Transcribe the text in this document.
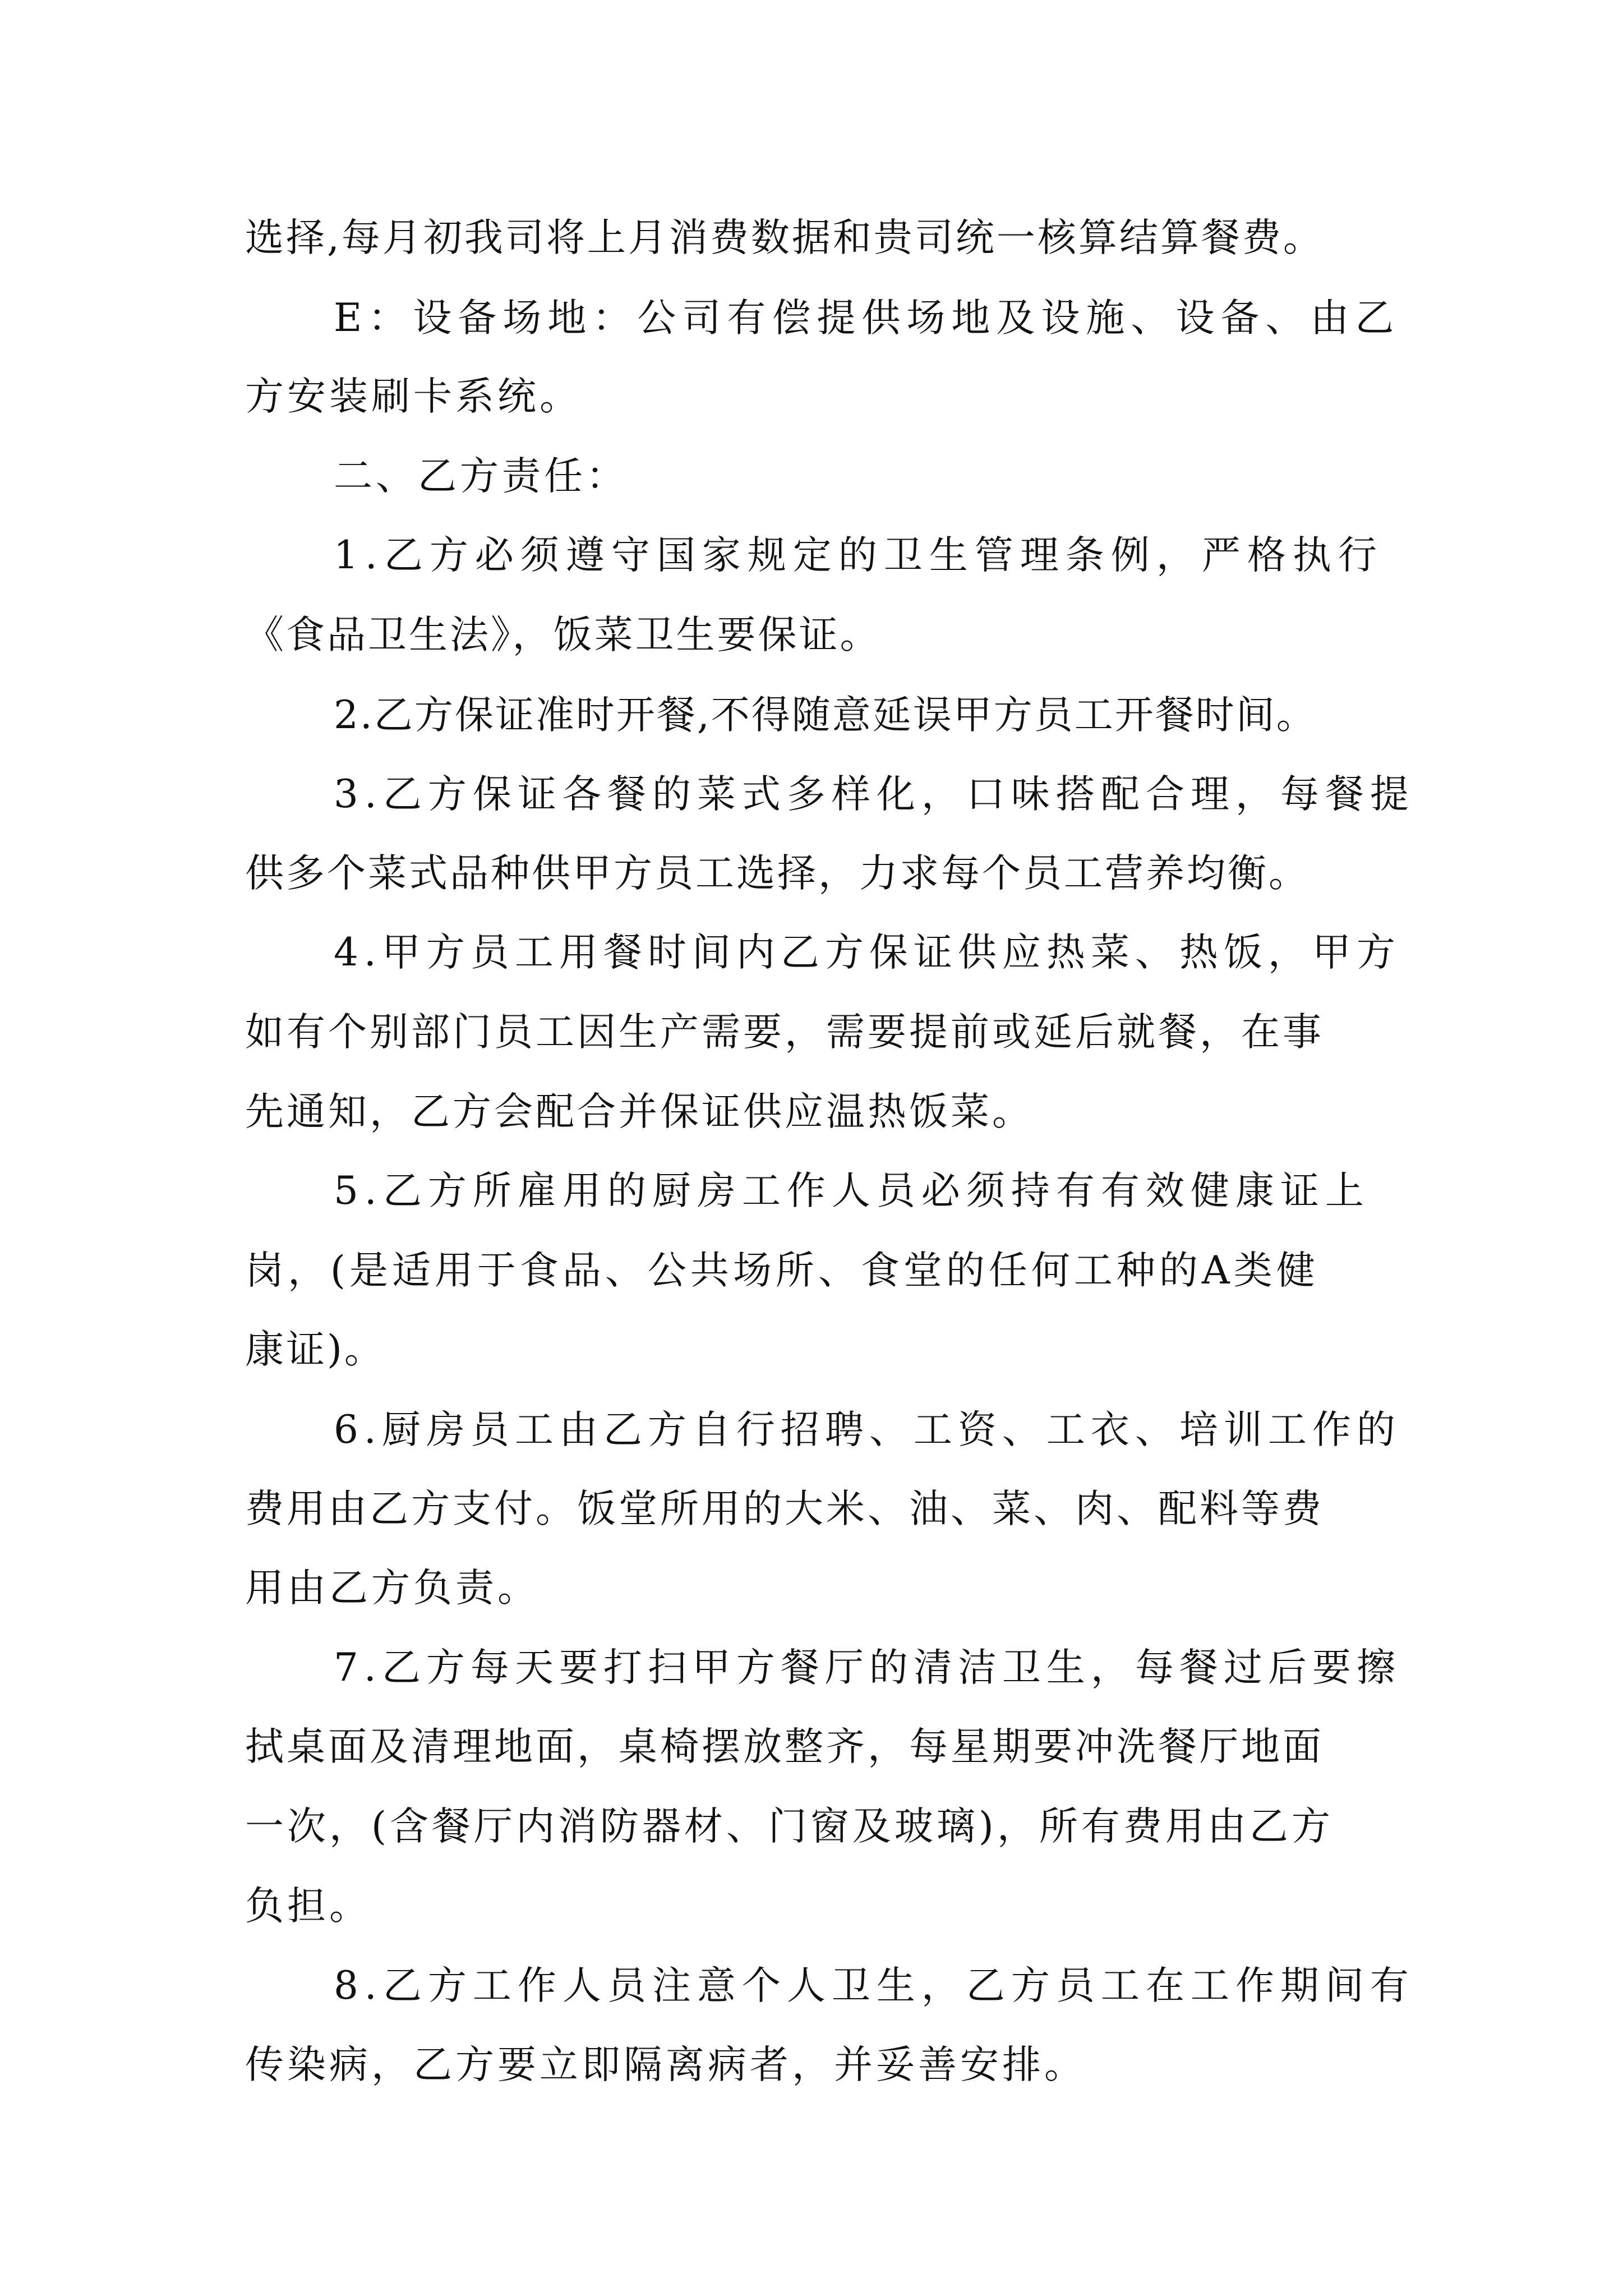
选择,每月初我司将上月消费数据和贵司统一核算结算餐费。

E：设备场地：公司有偿提供场地及设施、设备、由乙

方安装刷卡系统。

二、乙方责任：

1.乙方必须遵守国家规定的卫生管理条例，严格执行

《食品卫生法》，饭菜卫生要保证。

2.乙方保证准时开餐,不得随意延误甲方员工开餐时间。

3.乙方保证各餐的菜式多样化，口味搭配合理，每餐提

供多个菜式品种供甲方员工选择，力求每个员工营养均衡。

4.甲方员工用餐时间内乙方保证供应热菜、热饭，甲方

如有个别部门员工因生产需要，需要提前或延后就餐，在事

先通知，乙方会配合并保证供应温热饭菜。

5.乙方所雇用的厨房工作人员必须持有有效健康证上

岗，(是适用于食品、公共场所、食堂的任何工种的A类健

康证)。

6.厨房员工由乙方自行招聘、工资、工衣、培训工作的

费用由乙方支付。饭堂所用的大米、油、菜、肉、配料等费

用由乙方负责。

7.乙方每天要打扫甲方餐厅的清洁卫生，每餐过后要擦

拭桌面及清理地面，桌椅摆放整齐，每星期要冲洗餐厅地面

一次，(含餐厅内消防器材、门窗及玻璃)，所有费用由乙方

负担。

8.乙方工作人员注意个人卫生，乙方员工在工作期间有

传染病，乙方要立即隔离病者，并妥善安排。
